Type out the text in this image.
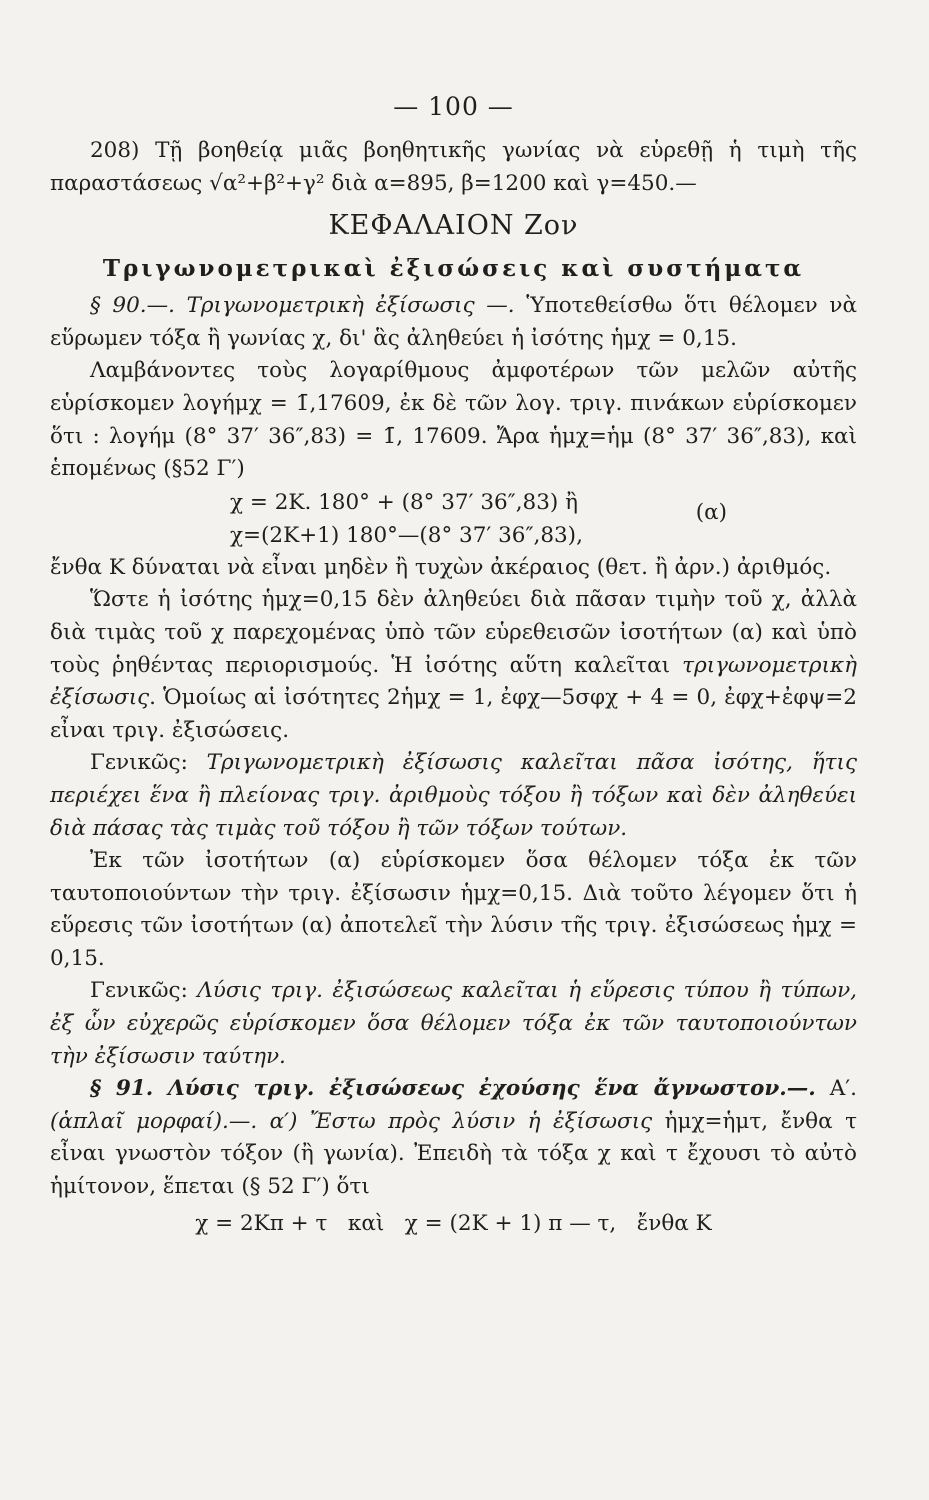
— 100 —

208) Τῇ βοηθείᾳ μιᾶς βοηθητικῆς γωνίας νὰ εὑρεθῇ ἡ τιμὴ τῆς παραστάσεως √α²+β²+γ² διὰ α=895, β=1200 καὶ γ=450.—

ΚΕΦΑΛΑΙΟΝ Ζον
Τριγωνομετρικαὶ ἐξισώσεις καὶ συστήματα

§ 90.—. Τριγωνομετρικὴ ἐξίσωσις —. Ὑποτεθείσθω ὅτι θέλομεν νὰ εὕρωμεν τόξα ἢ γωνίας χ, δι' ἃς ἀληθεύει ἡ ἰσότης ἡμχ = 0,15.

Λαμβάνοντες τοὺς λογαρίθμους ἀμφοτέρων τῶν μελῶν αὐτῆς εὑρίσκομεν λογήμχ = 1̄,17609, ἐκ δὲ τῶν λογ. τριγ. πινάκων εὑρίσκομεν ὅτι : λογήμ (8° 37′ 36″,83) = 1̄, 17609. Ἄρα ἡμχ=ἡμ (8° 37′ 36″,83), καὶ ἑπομένως (§52 Γ′)

χ = 2Κ. 180° + (8° 37′ 36″,83) ἢ
χ=(2Κ+1) 180°—(8° 37′ 36″,83),
(α)

ἔνθα Κ δύναται νὰ εἶναι μηδὲν ἢ τυχὼν ἀκέραιος (θετ. ἢ ἀρν.) ἀριθμός.

Ὥστε ἡ ἰσότης ἡμχ=0,15 δὲν ἀληθεύει διὰ πᾶσαν τιμὴν τοῦ χ, ἀλλὰ διὰ τιμὰς τοῦ χ παρεχομένας ὑπὸ τῶν εὑρεθεισῶν ἰσοτήτων (α) καὶ ὑπὸ τοὺς ῥηθέντας περιορισμούς. Ἡ ἰσότης αὕτη καλεῖται τριγωνομετρικὴ ἐξίσωσις. Ὁμοίως αἱ ἰσότητες 2ἡμχ = 1, ἐφχ—5σφχ + 4 = 0, ἐφχ+ἐφψ=2 εἶναι τριγ. ἐξισώσεις.

Γενικῶς: Τριγωνομετρικὴ ἐξίσωσις καλεῖται πᾶσα ἰσότης, ἥτις περιέχει ἕνα ἢ πλείονας τριγ. ἀριθμοὺς τόξου ἢ τόξων καὶ δὲν ἀληθεύει διὰ πάσας τὰς τιμὰς τοῦ τόξου ἢ τῶν τόξων τούτων.

Ἐκ τῶν ἰσοτήτων (α) εὑρίσκομεν ὅσα θέλομεν τόξα ἐκ τῶν ταυτοποιούντων τὴν τριγ. ἐξίσωσιν ἡμχ=0,15. Διὰ τοῦτο λέγομεν ὅτι ἡ εὕρεσις τῶν ἰσοτήτων (α) ἀποτελεῖ τὴν λύσιν τῆς τριγ. ἐξισώσεως ἡμχ = 0,15.

Γενικῶς: Λύσις τριγ. ἐξισώσεως καλεῖται ἡ εὕρεσις τύπου ἢ τύπων, ἐξ ὧν εὐχερῶς εὑρίσκομεν ὅσα θέλομεν τόξα ἐκ τῶν ταυτοποιούντων τὴν ἐξίσωσιν ταύτην.

§ 91. Λύσις τριγ. ἐξισώσεως ἐχούσης ἕνα ἄγνωστον.—. Α′. (ἁπλαῖ μορφαί).—. α′) Ἔστω πρὸς λύσιν ἡ ἐξίσωσις ἡμχ=ἡμτ, ἔνθα τ εἶναι γνωστὸν τόξον (ἢ γωνία). Ἐπειδὴ τὰ τόξα χ καὶ τ ἔχουσι τὸ αὐτὸ ἡμίτονον, ἕπεται (§ 52 Γ′) ὅτι

χ = 2Κπ + τ   καὶ   χ = (2Κ + 1) π — τ,   ἔνθα Κ
